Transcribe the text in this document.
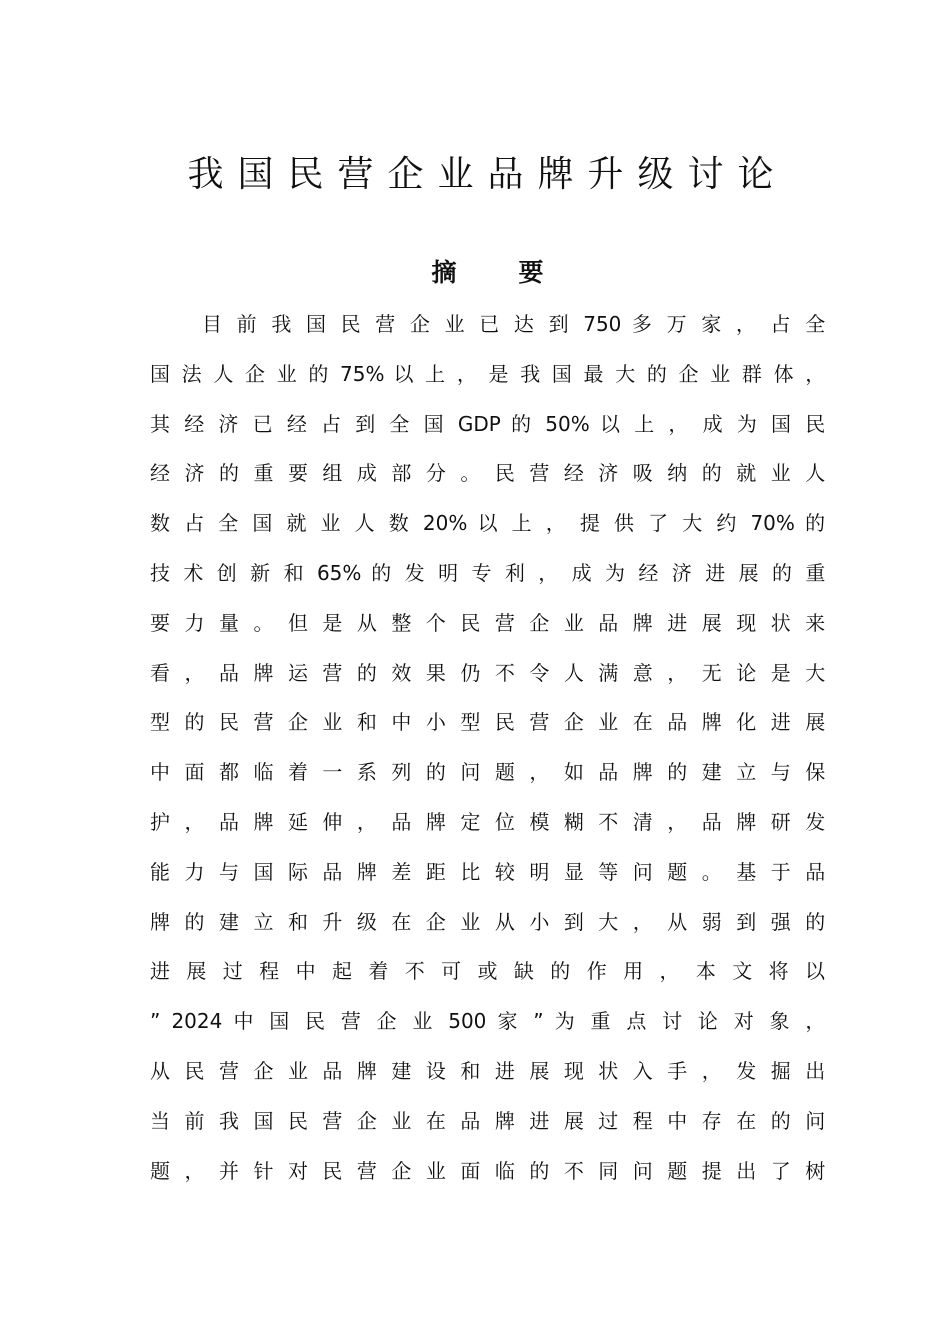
我国民营企业品牌升级讨论
摘 要
目 前 我 国 民 营 企 业 已 达 到 750 多 万 家 ， 占 全
国 法 人 企 业 的 75% 以 上 ， 是 我 国 最 大 的 企 业 群 体 ，
其 经 济 已 经 占 到 全 国 GDP 的 50% 以 上 ， 成 为 国 民
经 济 的 重 要 组 成 部 分 。 民 营 经 济 吸 纳 的 就 业 人
数 占 全 国 就 业 人 数 20% 以 上 ， 提 供 了 大 约 70% 的
技 术 创 新 和 65% 的 发 明 专 利 ， 成 为 经 济 进 展 的 重
要 力 量 。 但 是 从 整 个 民 营 企 业 品 牌 进 展 现 状 来
看 ， 品 牌 运 营 的 效 果 仍 不 令 人 满 意 ， 无 论 是 大
型 的 民 营 企 业 和 中 小 型 民 营 企 业 在 品 牌 化 进 展
中 面 都 临 着 一 系 列 的 问 题 ， 如 品 牌 的 建 立 与 保
护 ， 品 牌 延 伸 ， 品 牌 定 位 模 糊 不 清 ， 品 牌 研 发
能 力 与 国 际 品 牌 差 距 比 较 明 显 等 问 题 。 基 于 品
牌 的 建 立 和 升 级 在 企 业 从 小 到 大 ， 从 弱 到 强 的
进 展 过 程 中 起 着 不 可 或 缺 的 作 用 ， 本 文 将 以
” 2024 中 国 民 营 企 业 500 家 ” 为 重 点 讨 论 对 象 ，
从 民 营 企 业 品 牌 建 设 和 进 展 现 状 入 手 ， 发 掘 出
当 前 我 国 民 营 企 业 在 品 牌 进 展 过 程 中 存 在 的 问
题 ， 并 针 对 民 营 企 业 面 临 的 不 同 问 题 提 出 了 树
